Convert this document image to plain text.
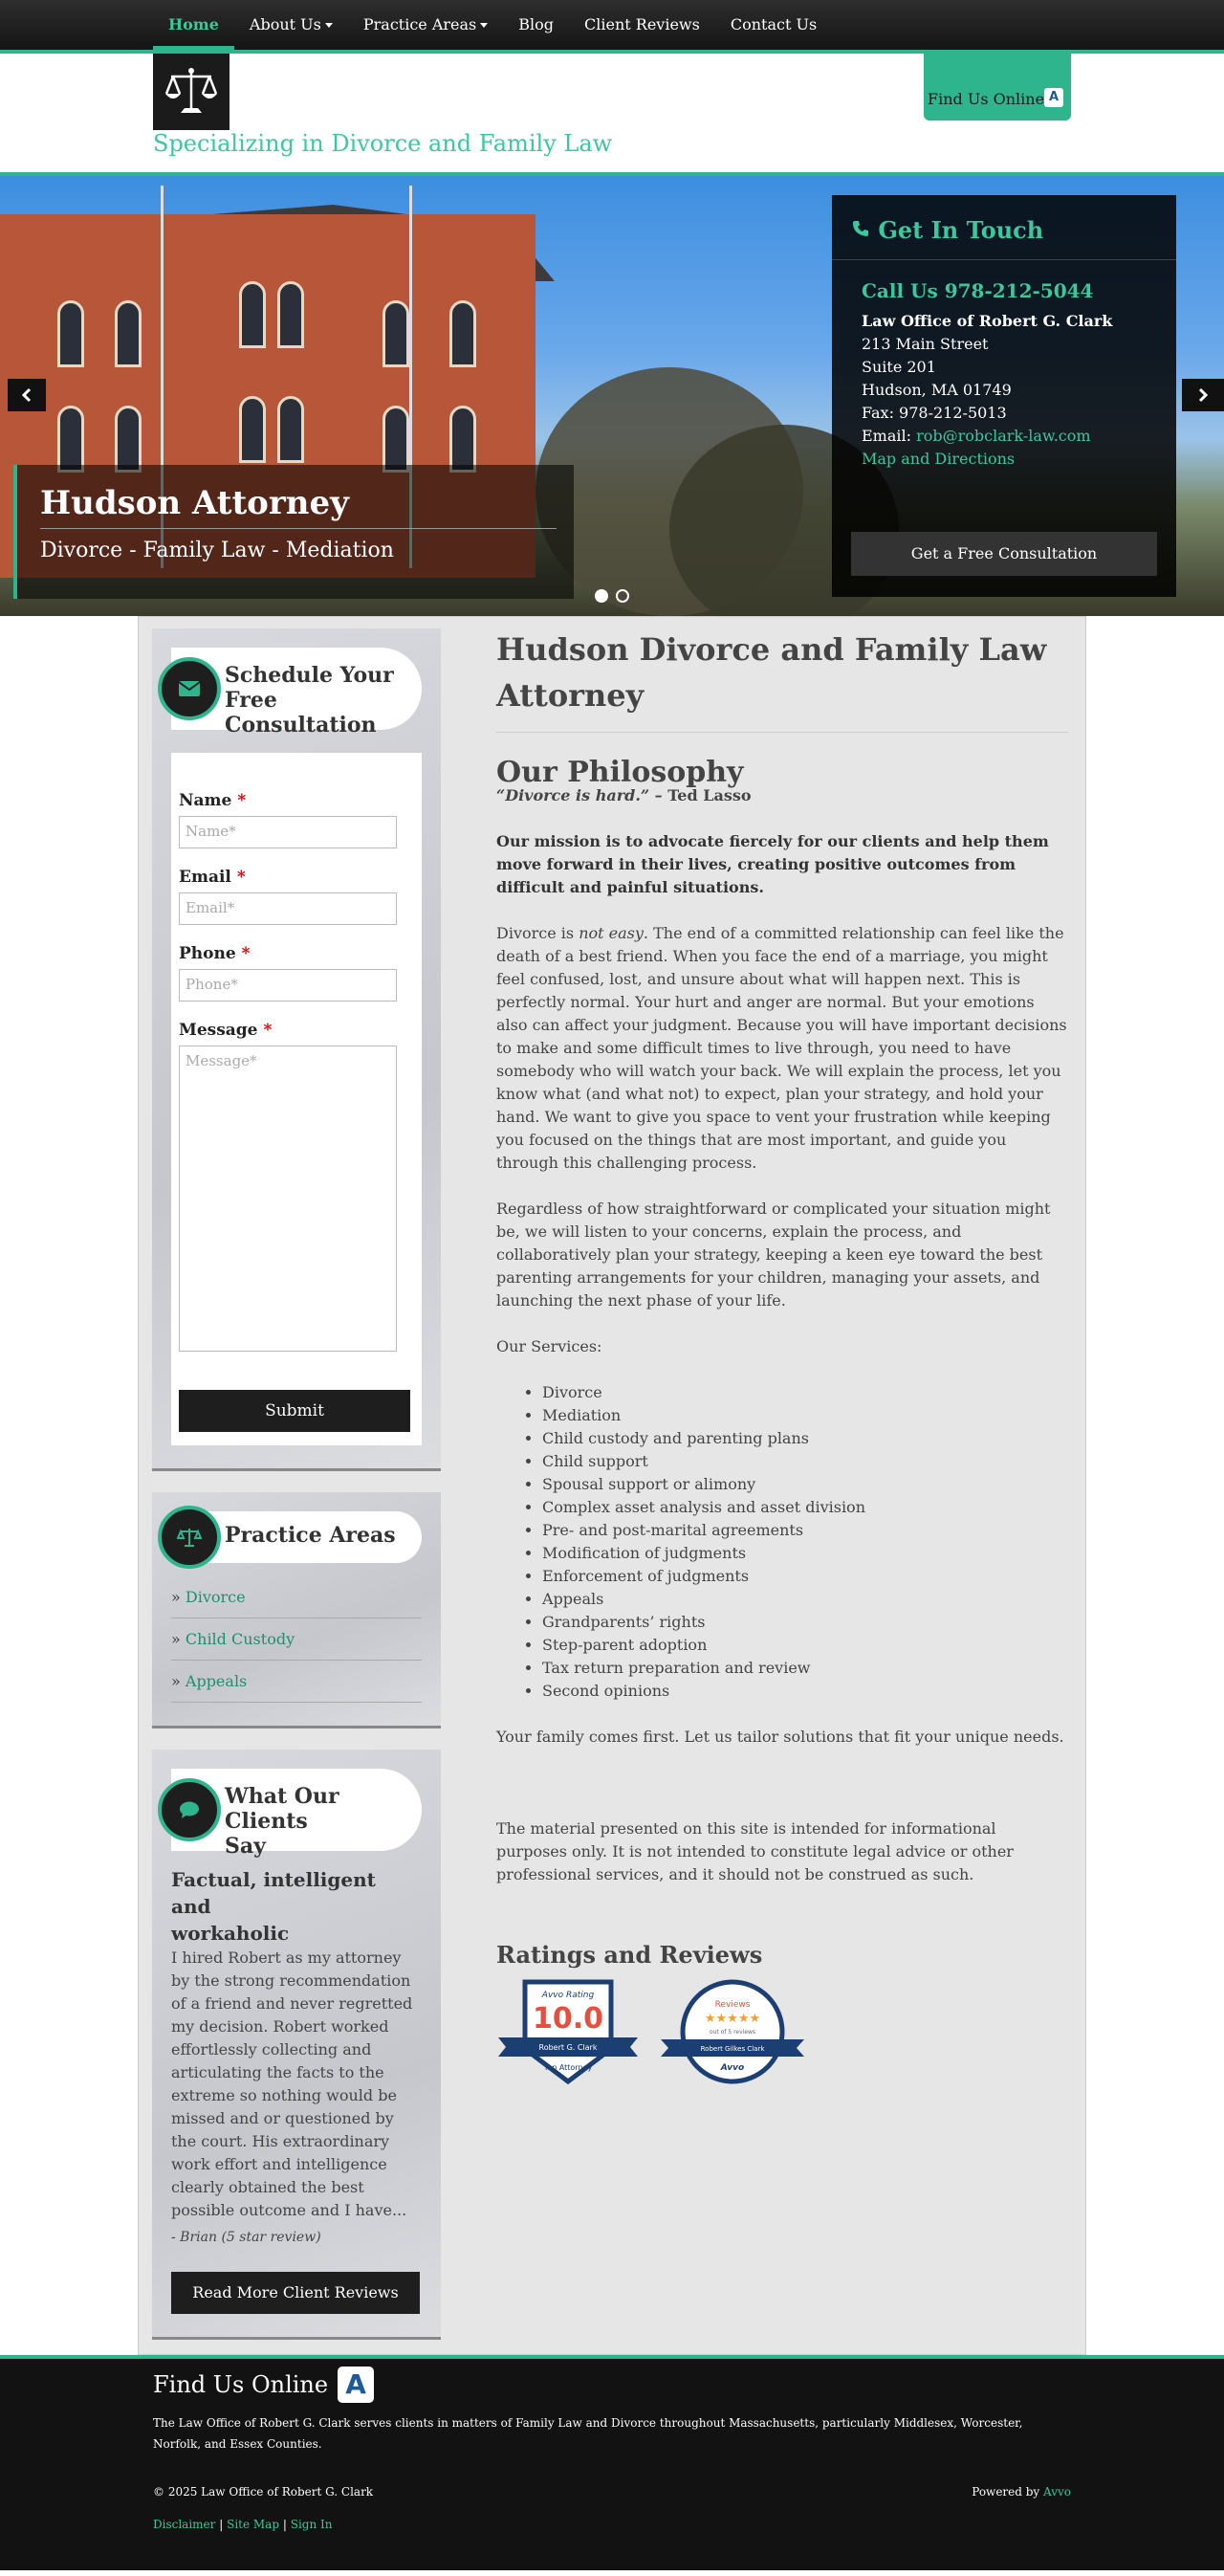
Home	About Us	Practice Areas	Blog	Client Reviews	Contact Us
Specializing in Divorce and Family Law
Find Us Online A
Hudson Attorney

Divorce - Family Law - Mediation

Get In Touch
Call Us 978-212-5044
Law Office of Robert G. Clark
213 Main Street
Suite 201
Hudson, MA 01749
Fax: 978-212-5013
Email: rob@robclark-law.com
Map and Directions
Get a Free Consultation
Schedule Your
Free Consultation
Name *
Name*
Email *
Email*
Phone *
Phone*
Message *
Message*
Submit
Practice Areas
» Divorce
» Child Custody
» Appeals
What Our Clients
Say
Factual, intelligent and
workaholic

I hired Robert as my attorney by the strong recommendation of a friend and never regretted my decision. Robert worked effortlessly collecting and articulating the facts to the extreme so nothing would be missed and or questioned by the court. His extraordinary work effort and intelligence clearly obtained the best possible outcome and I have...

- Brian (5 star review)

Read More Client Reviews
Hudson Divorce and Family Law
Attorney
Our Philosophy
“Divorce is hard.” – Ted Lasso

Our mission is to advocate fiercely for our clients and help them move forward in their lives, creating positive outcomes from difficult and painful situations.

Divorce is not easy. The end of a committed relationship can feel like the death of a best friend. When you face the end of a marriage, you might feel confused, lost, and unsure about what will happen next. This is perfectly normal. Your hurt and anger are normal. But your emotions also can affect your judgment. Because you will have important decisions to make and some difficult times to live through, you need to have somebody who will watch your back. We will explain the process, let you know what (and what not) to expect, plan your strategy, and hold your hand. We want to give you space to vent your frustration while keeping you focused on the things that are most important, and guide you through this challenging process.

Regardless of how straightforward or complicated your situation might be, we will listen to your concerns, explain the process, and collaboratively plan your strategy, keeping a keen eye toward the best parenting arrangements for your children, managing your assets, and launching the next phase of your life.

Our Services:

• Divorce
• Mediation
• Child custody and parenting plans
• Child support
• Spousal support or alimony
• Complex asset analysis and asset division
• Pre- and post-marital agreements
• Modification of judgments
• Enforcement of judgments
• Appeals
• Grandparents’ rights
• Step-parent adoption
• Tax return preparation and review
• Second opinions

Your family comes first. Let us tailor solutions that fit your unique needs.

The material presented on this site is intended for informational purposes only. It is not intended to constitute legal advice or other professional services, and it should not be construed as such.

Ratings and Reviews
Avvo Rating
10.0
Robert G. Clark
Top Attorney
Reviews
★★★★★
out of 5 reviews
Robert Gilkes Clark
Avvo
Find Us Online A
The Law Office of Robert G. Clark serves clients in matters of Family Law and Divorce throughout Massachusetts, particularly Middlesex, Worcester, Norfolk, and Essex Counties.
© 2025 Law Office of Robert G. Clark	Powered by Avvo
Disclaimer | Site Map | Sign In
